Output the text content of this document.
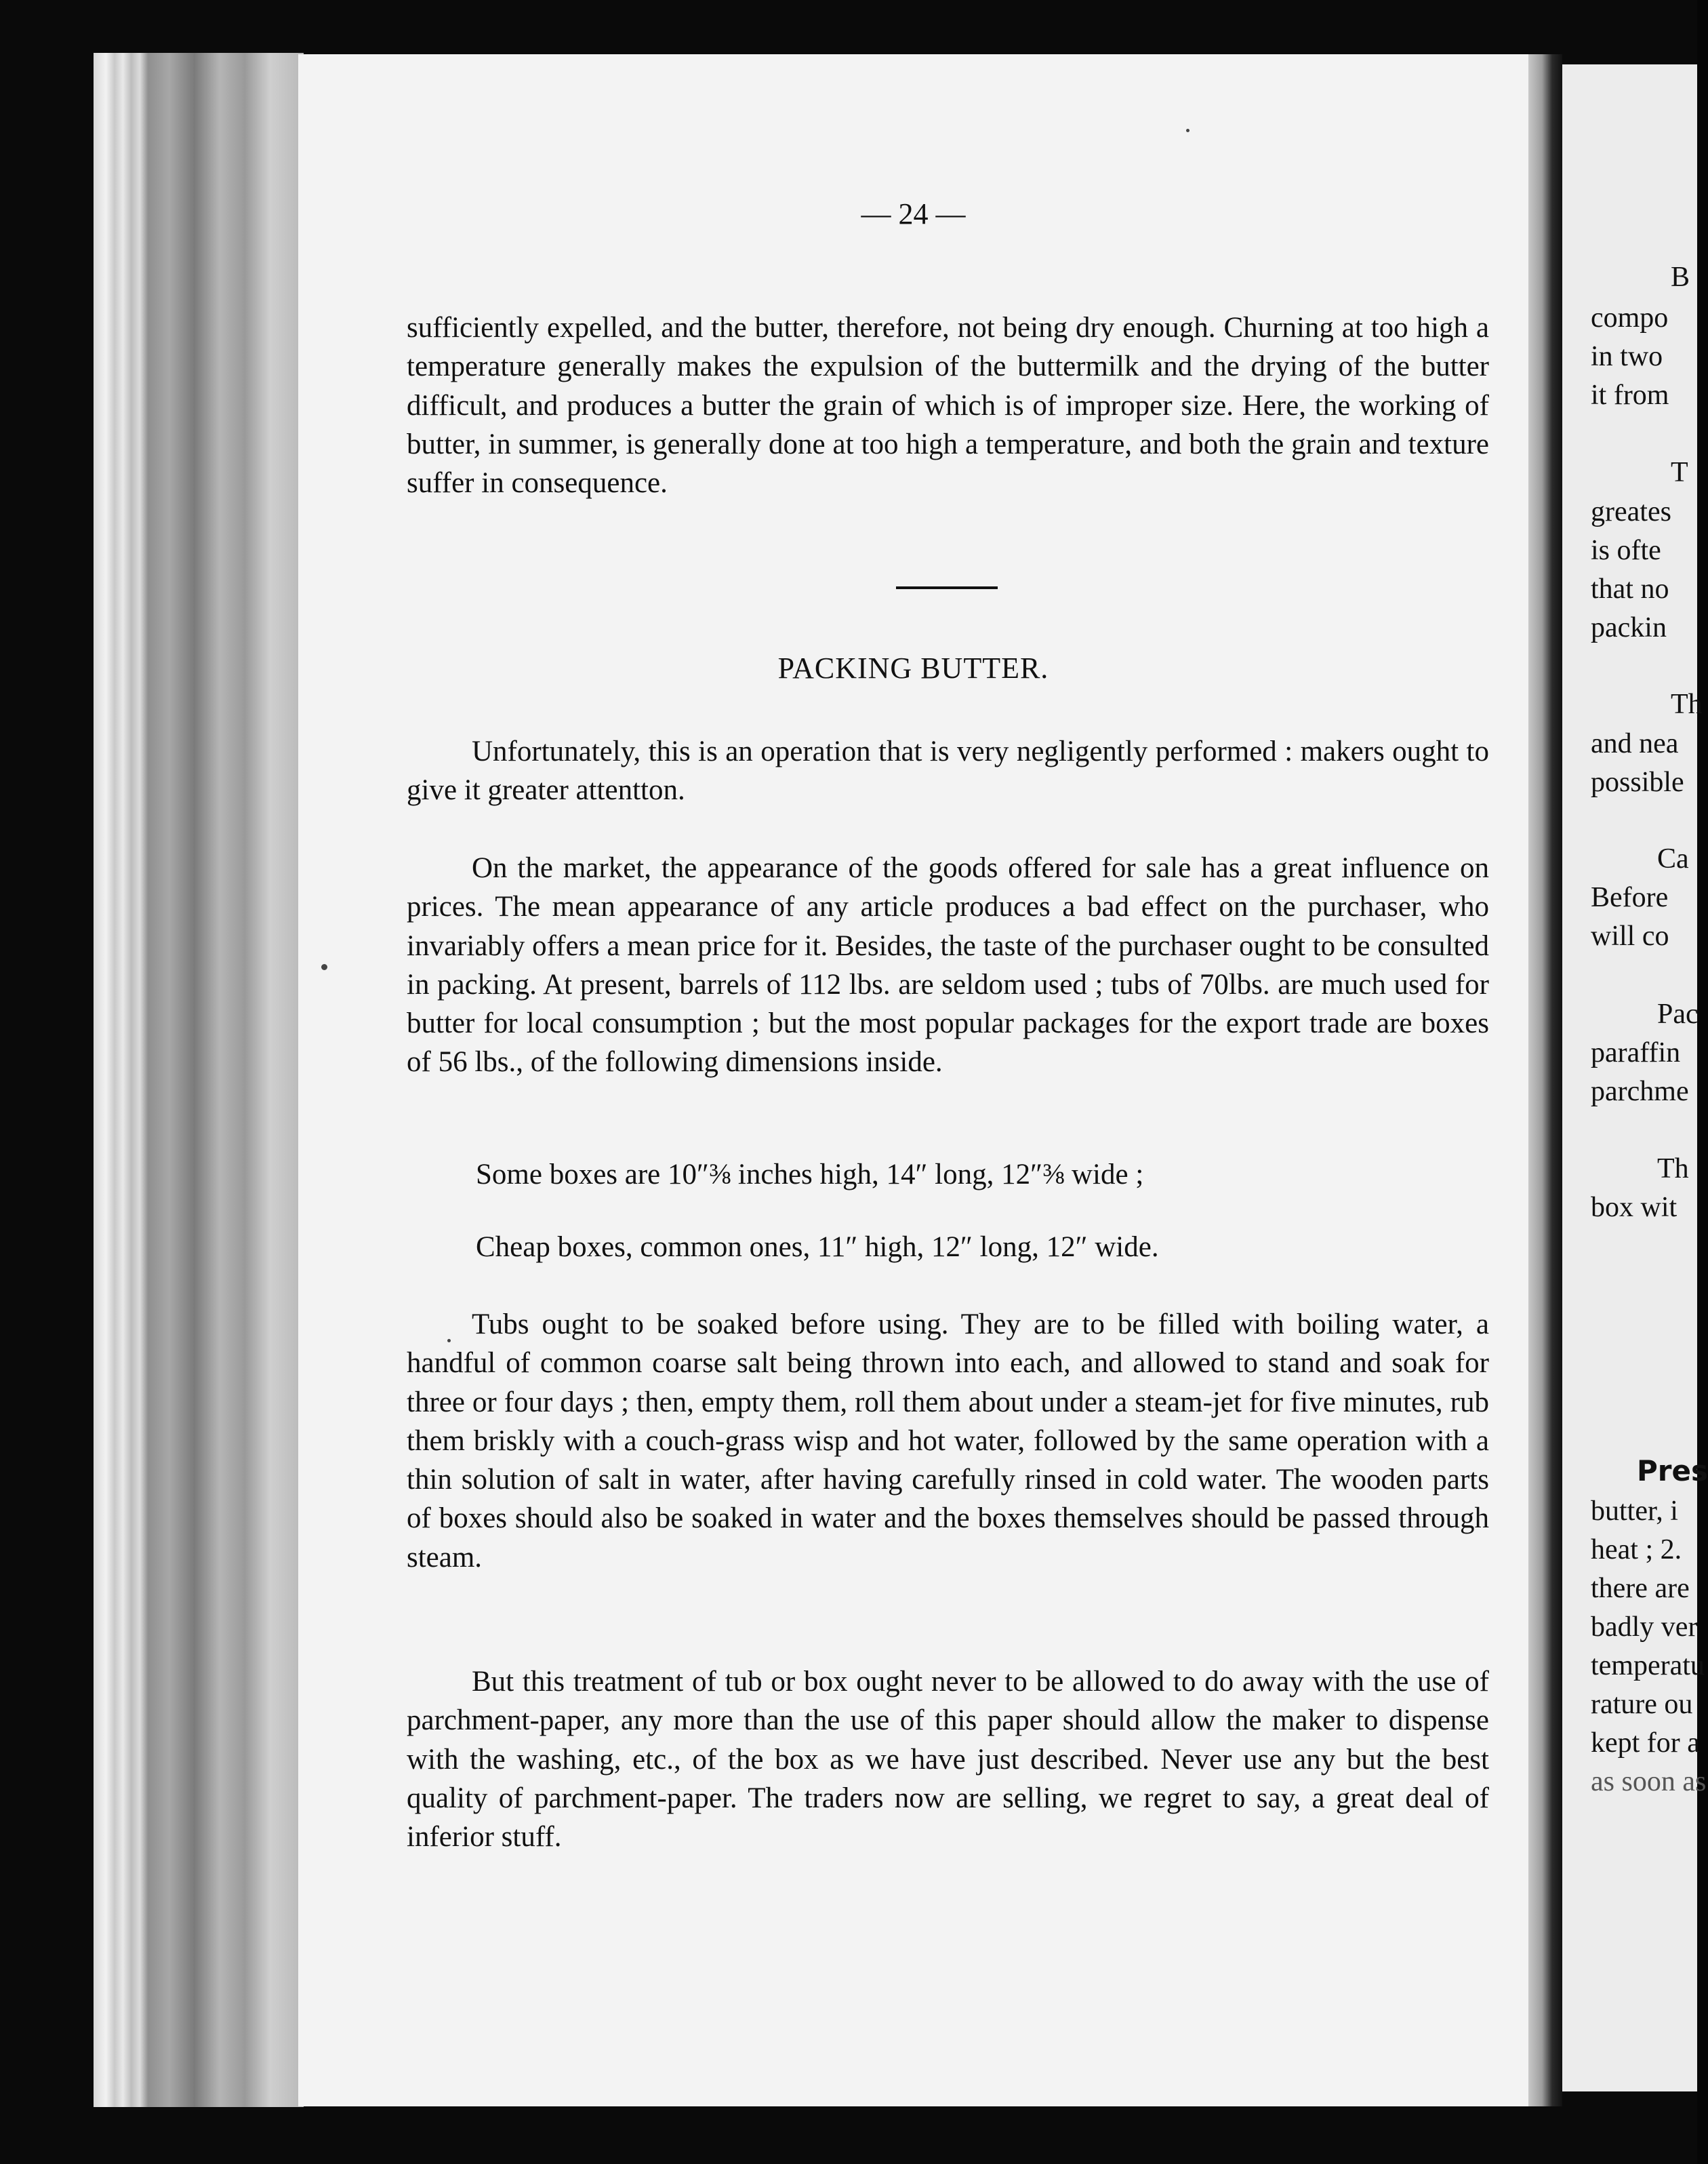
— 24 —

sufficiently expelled, and the butter, therefore, not being dry enough. Churning at too high a temperature generally makes the expulsion of the buttermilk and the drying of the butter difficult, and produces a butter the grain of which is of improper size. Here, the working of butter, in summer, is generally done at too high a temperature, and both the grain and texture suffer in consequence.

PACKING BUTTER.

Unfortunately, this is an operation that is very negligently performed : makers ought to give it greater attentton.

On the market, the appearance of the goods offered for sale has a great influence on prices. The mean appearance of any article produces a bad effect on the purchaser, who invariably offers a mean price for it. Besides, the taste of the purchaser ought to be consulted in packing. At present, barrels of 112 lbs. are seldom used ; tubs of 70lbs. are much used for butter for local consumption ; but the most popular packages for the export trade are boxes of 56 lbs., of the following dimensions inside.

Some boxes are 10″⅜ inches high, 14″ long, 12″⅜ wide ;
Cheap boxes, common ones, 11″ high, 12″ long, 12″ wide.

Tubs ought to be soaked before using. They are to be filled with boiling water, a handful of common coarse salt being thrown into each, and allowed to stand and soak for three or four days ; then, empty them, roll them about under a steam-jet for five minutes, rub them briskly with a couch-grass wisp and hot water, followed by the same operation with a thin solution of salt in water, after having carefully rinsed in cold water. The wooden parts of boxes should also be soaked in water and the boxes themselves should be passed through steam.

But this treatment of tub or box ought never to be allowed to do away with the use of parchment-paper, any more than the use of this paper should allow the maker to dispense with the washing, etc., of the box as we have just described. Never use any but the best quality of parchment-paper. The traders now are selling, we regret to say, a great deal of inferior stuff.

B
compo
in two
it from
T
greates
is ofte
that no
packin
Th
and nea
possible
Ca
Before
will co
Pac
paraffin
parchme
Th
box wit
Pres
butter, i
heat ; 2.
there are
badly ver
temperatu
rature ou
kept for a
as soon as
